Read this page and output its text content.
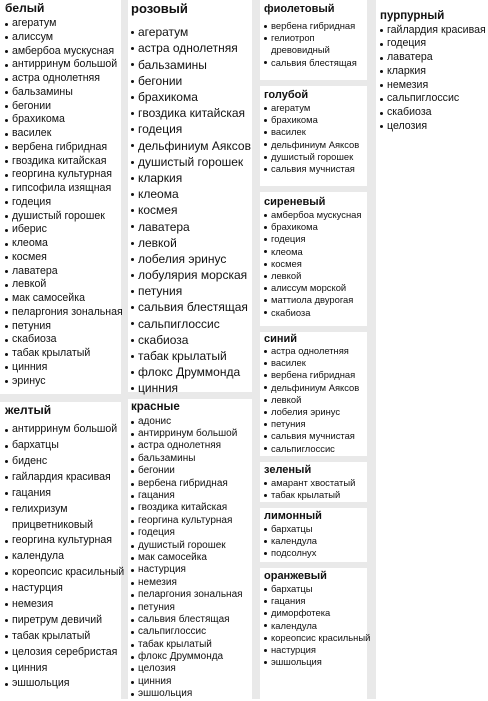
белый
агератум
алиссум
амбербоа мускусная
антирринум большой
астра однолетняя
бальзамины
бегонии
брахикома
василек
вербена гибридная
гвоздика китайская
георгина культурная
гипсофила изящная
годеция
душистый горошек
иберис
клеома
космея
лаватера
левкой
мак самосейка
пеларгония зональная
петуния
скабиоза
табак крылатый
цинния
эринус
желтый
антирринум большой
бархатцы
биденс
гайлардия красивая
гацания
гелихризум
прицветниковый
георгина культурная
календула
кореопсис красильный
настурция
немезия
пиретрум девичий
табак крылатый
целозия серебристая
цинния
эшшольция
розовый
агератум
астра однолетняя
бальзамины
бегонии
брахикома
гвоздика китайская
годеция
дельфиниум Аяксов
душистый горошек
кларкия
клеома
космея
лаватера
левкой
лобелия эринус
лобулярия морская
петуния
сальвия блестящая
сальпиглоссис
скабиоза
табак крылатый
флокс Друммонда
цинния
красные
адонис
антирринум большой
астра однолетняя
бальзамины
бегонии
вербена гибридная
гацания
гвоздика китайская
георгина культурная
годеция
душистый горошек
мак самосейка
настурция
немезия
пеларгония зональная
петуния
сальвия блестящая
сальпиглоссис
табак крылатый
флокс Друммонда
целозия
цинния
эшшольция
фиолетовый
вербена гибридная
гелиотроп
древовидный
сальвия блестящая
голубой
агератум
брахикома
василек
дельфиниум Аяксов
душистый горошек
сальвия мучнистая
сиреневый
амбербоа мускусная
брахикома
годеция
клеома
космея
левкой
алиссум морской
маттиола двурогая
скабиоза
синий
астра однолетняя
василек
вербена гибридная
дельфиниум Аяксов
левкой
лобелия эринус
петуния
сальвия мучнистая
сальпиглоссис
зеленый
амарант хвостатый
табак крылатый
лимонный
бархатцы
календула
подсолнух
оранжевый
бархатцы
гацания
диморфотека
календула
кореопсис красильный
настурция
эшшольция
пурпурный
гайлардия красивая
годеция
лаватера
кларкия
немезия
сальпиглоссис
скабиоза
целозия
